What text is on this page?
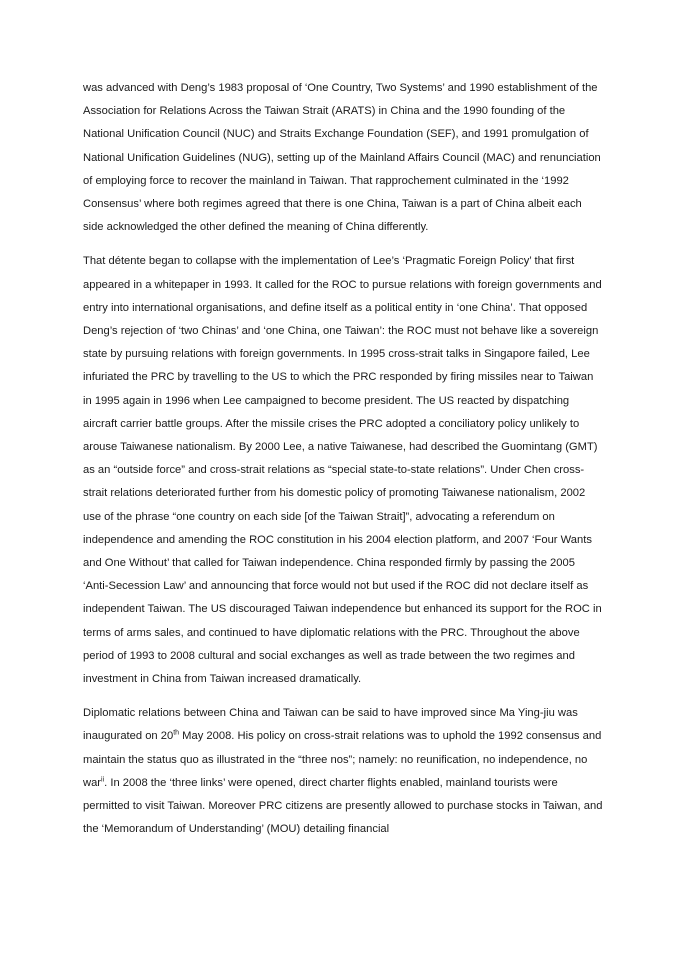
was advanced with Deng’s 1983 proposal of ‘One Country, Two Systems’ and 1990 establishment of the Association for Relations Across the Taiwan Strait (ARATS) in China and the 1990 founding of the National Unification Council (NUC) and Straits Exchange Foundation (SEF), and 1991 promulgation of National Unification Guidelines (NUG), setting up of the Mainland Affairs Council (MAC) and renunciation of employing force to recover the mainland in Taiwan. That rapprochement culminated in the ‘1992 Consensus’ where both regimes agreed that there is one China, Taiwan is a part of China albeit each side acknowledged the other defined the meaning of China differently.

That détente began to collapse with the implementation of Lee’s ‘Pragmatic Foreign Policy’ that first appeared in a whitepaper in 1993. It called for the ROC to pursue relations with foreign governments and entry into international organisations, and define itself as a political entity in ‘one China’. That opposed Deng’s rejection of ‘two Chinas’ and ‘one China, one Taiwan’: the ROC must not behave like a sovereign state by pursuing relations with foreign governments. In 1995 cross-strait talks in Singapore failed, Lee infuriated the PRC by travelling to the US to which the PRC responded by firing missiles near to Taiwan in 1995 again in 1996 when Lee campaigned to become president. The US reacted by dispatching aircraft carrier battle groups. After the missile crises the PRC adopted a conciliatory policy unlikely to arouse Taiwanese nationalism. By 2000 Lee, a native Taiwanese, had described the Guomintang (GMT) as an “outside force” and cross-strait relations as “special state-to-state relations”. Under Chen cross-strait relations deteriorated further from his domestic policy of promoting Taiwanese nationalism, 2002 use of the phrase “one country on each side [of the Taiwan Strait]”, advocating a referendum on independence and amending the ROC constitution in his 2004 election platform, and 2007 ‘Four Wants and One Without’ that called for Taiwan independence. China responded firmly by passing the 2005 ‘Anti-Secession Law’ and announcing that force would not but used if the ROC did not declare itself as independent Taiwan. The US discouraged Taiwan independence but enhanced its support for the ROC in terms of arms sales, and continued to have diplomatic relations with the PRC. Throughout the above period of 1993 to 2008 cultural and social exchanges as well as trade between the two regimes and investment in China from Taiwan increased dramatically.

Diplomatic relations between China and Taiwan can be said to have improved since Ma Ying-jiu was inaugurated on 20th May 2008. His policy on cross-strait relations was to uphold the 1992 consensus and maintain the status quo as illustrated in the “three nos”; namely: no reunification, no independence, no war$^{ii}$. In 2008 the ‘three links’ were opened, direct charter flights enabled, mainland tourists were permitted to visit Taiwan. Moreover PRC citizens are presently allowed to purchase stocks in Taiwan, and the ‘Memorandum of Understanding’ (MOU) detailing financial
